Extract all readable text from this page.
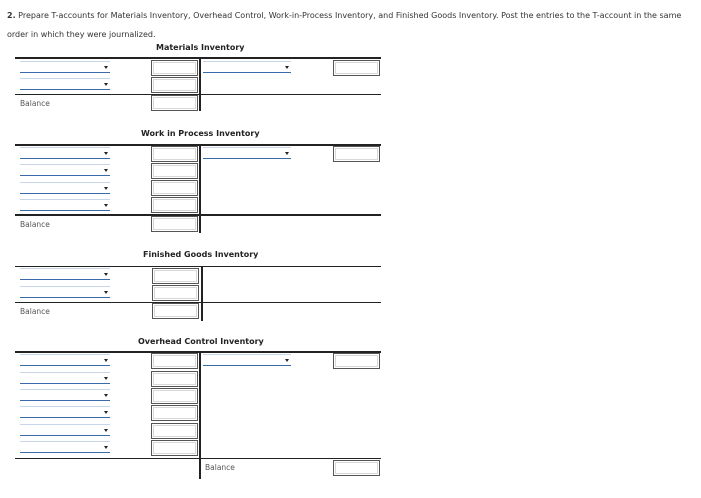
2. Prepare T-accounts for Materials Inventory, Overhead Control, Work-in-Process Inventory, and Finished Goods Inventory. Post the entries to the T-account in the same order in which they were journalized.
Materials Inventory
Balance
Work in Process Inventory
Balance
Finished Goods Inventory
Balance
Overhead Control Inventory
Balance
